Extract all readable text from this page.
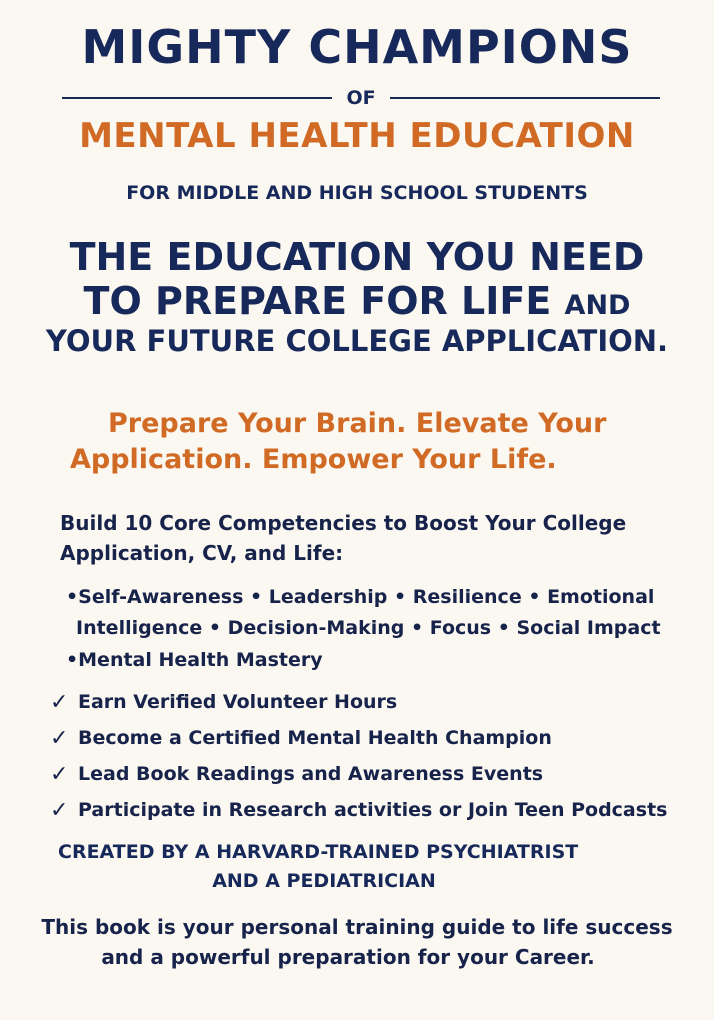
MIGHTY CHAMPIONS
OF
MENTAL HEALTH EDUCATION
FOR MIDDLE AND HIGH SCHOOL STUDENTS
THE EDUCATION YOU NEED
TO PREPARE FOR LIFE AND
YOUR FUTURE COLLEGE APPLICATION.
Prepare Your Brain. Elevate Your
Application. Empower Your Life.
Build 10 Core Competencies to Boost Your College
Application, CV, and Life:
•Self-Awareness • Leadership • Resilience • Emotional
Intelligence • Decision-Making • Focus • Social Impact
•Mental Health Mastery
✓ Earn Verified Volunteer Hours
✓ Become a Certified Mental Health Champion
✓ Lead Book Readings and Awareness Events
✓ Participate in Research activities or Join Teen Podcasts
CREATED BY A HARVARD-TRAINED PSYCHIATRIST
AND A PEDIATRICIAN
This book is your personal training guide to life success
and a powerful preparation for your Career.
